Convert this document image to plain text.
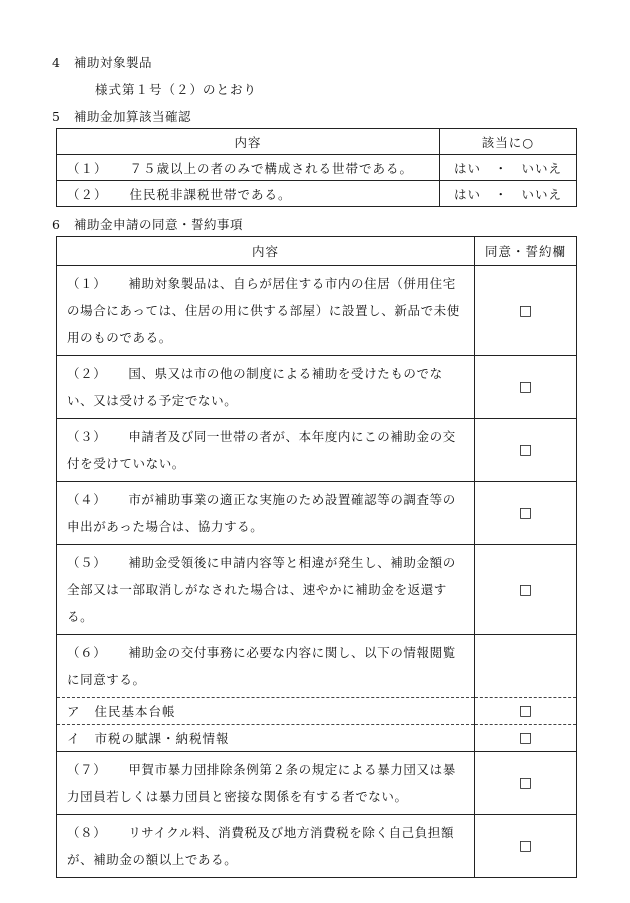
4 補助対象製品
様式第１号（２）のとおり
5 補助金加算該当確認
内容	該当に○
（１） ７５歳以上の者のみで構成される世帯である。	はい　・　いいえ
（２） 住民税非課税世帯である。	はい　・　いいえ
6 補助金申請の同意・誓約事項
内容	同意・誓約欄
（１） 補助対象製品は、自らが居住する市内の住居（併用住宅の場合にあっては、住居の用に供する部屋）に設置し、新品で未使用のものである。	□
（２） 国、県又は市の他の制度による補助を受けたものでない、又は受ける予定でない。	□
（３） 申請者及び同一世帯の者が、本年度内にこの補助金の交付を受けていない。	□
（４） 市が補助事業の適正な実施のため設置確認等の調査等の申出があった場合は、協力する。	□
（５） 補助金受領後に申請内容等と相違が発生し、補助金額の全部又は一部取消しがなされた場合は、速やかに補助金を返還する。	□
（６） 補助金の交付事務に必要な内容に関し、以下の情報閲覧に同意する。	
ア 住民基本台帳	□
イ 市税の賦課・納税情報	□
（７） 甲賀市暴力団排除条例第２条の規定による暴力団又は暴力団員若しくは暴力団員と密接な関係を有する者でない。	□
（８） リサイクル料、消費税及び地方消費税を除く自己負担額が、補助金の額以上である。	□
